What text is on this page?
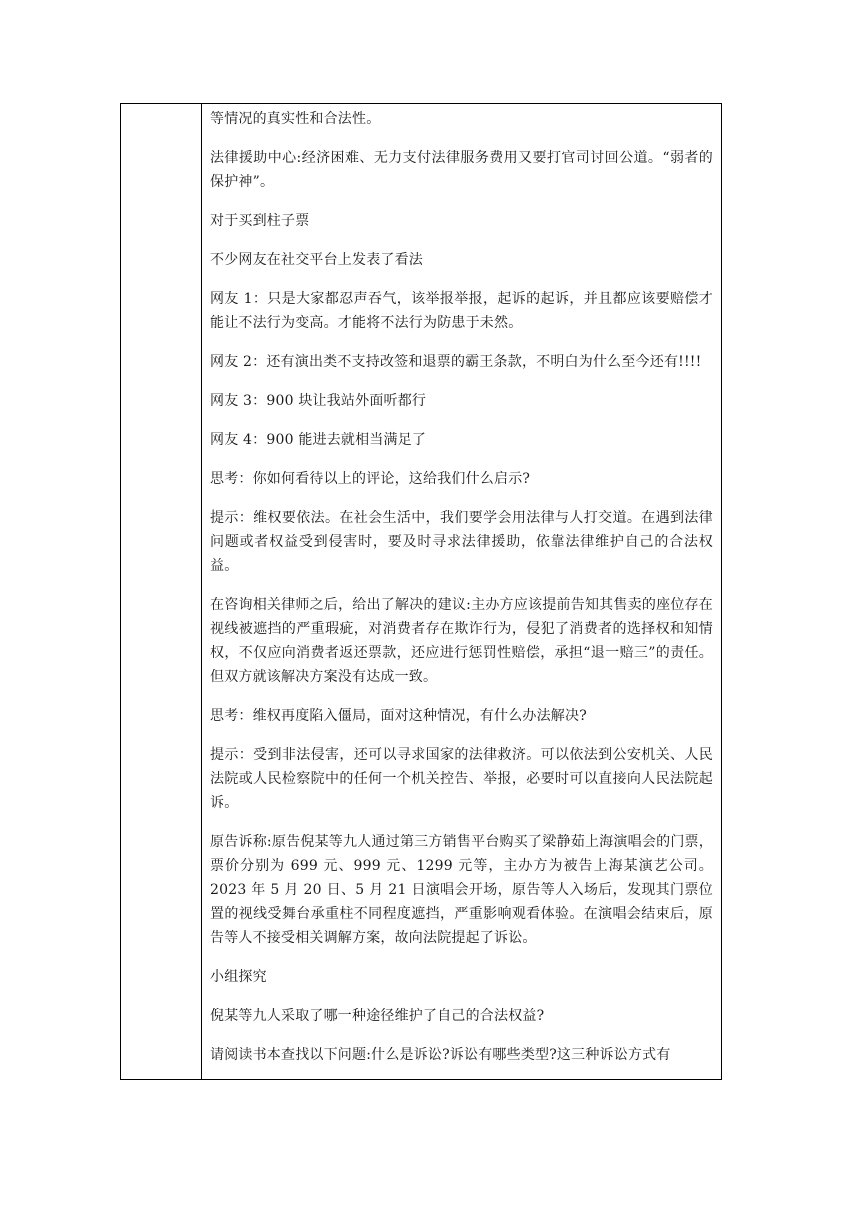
等情况的真实性和合法性。

法律援助中心:经济困难、无力支付法律服务费用又要打官司讨回公道。“弱者的保护神”。

对于买到柱子票

不少网友在社交平台上发表了看法

网友 1：只是大家都忍声吞气，该举报举报，起诉的起诉，并且都应该要赔偿才能让不法行为变高。才能将不法行为防患于未然。

网友 2：还有演出类不支持改签和退票的霸王条款，不明白为什么至今还有!!!!

网友 3：900 块让我站外面听都行

网友 4：900 能进去就相当满足了

思考：你如何看待以上的评论，这给我们什么启示?

提示：维权要依法。在社会生活中，我们要学会用法律与人打交道。在遇到法律问题或者权益受到侵害时，要及时寻求法律援助，依靠法律维护自己的合法权益。

在咨询相关律师之后，给出了解决的建议:主办方应该提前告知其售卖的座位存在视线被遮挡的严重瑕疵，对消费者存在欺诈行为，侵犯了消费者的选择权和知情权，不仅应向消费者返还票款，还应进行惩罚性赔偿，承担“退一赔三”的责任。但双方就该解决方案没有达成一致。

思考：维权再度陷入僵局，面对这种情况，有什么办法解决?

提示：受到非法侵害，还可以寻求国家的法律救济。可以依法到公安机关、人民法院或人民检察院中的任何一个机关控告、举报，必要时可以直接向人民法院起诉。

原告诉称:原告倪某等九人通过第三方销售平台购买了梁静茹上海演唱会的门票，票价分别为 699 元、999 元、1299 元等，主办方为被告上海某演艺公司。2023 年 5 月 20 日、5 月 21 日演唱会开场，原告等人入场后，发现其门票位置的视线受舞台承重柱不同程度遮挡，严重影响观看体验。在演唱会结束后，原告等人不接受相关调解方案，故向法院提起了诉讼。

小组探究

倪某等九人采取了哪一种途径维护了自己的合法权益?

请阅读书本查找以下问题:什么是诉讼?诉讼有哪些类型?这三种诉讼方式有
